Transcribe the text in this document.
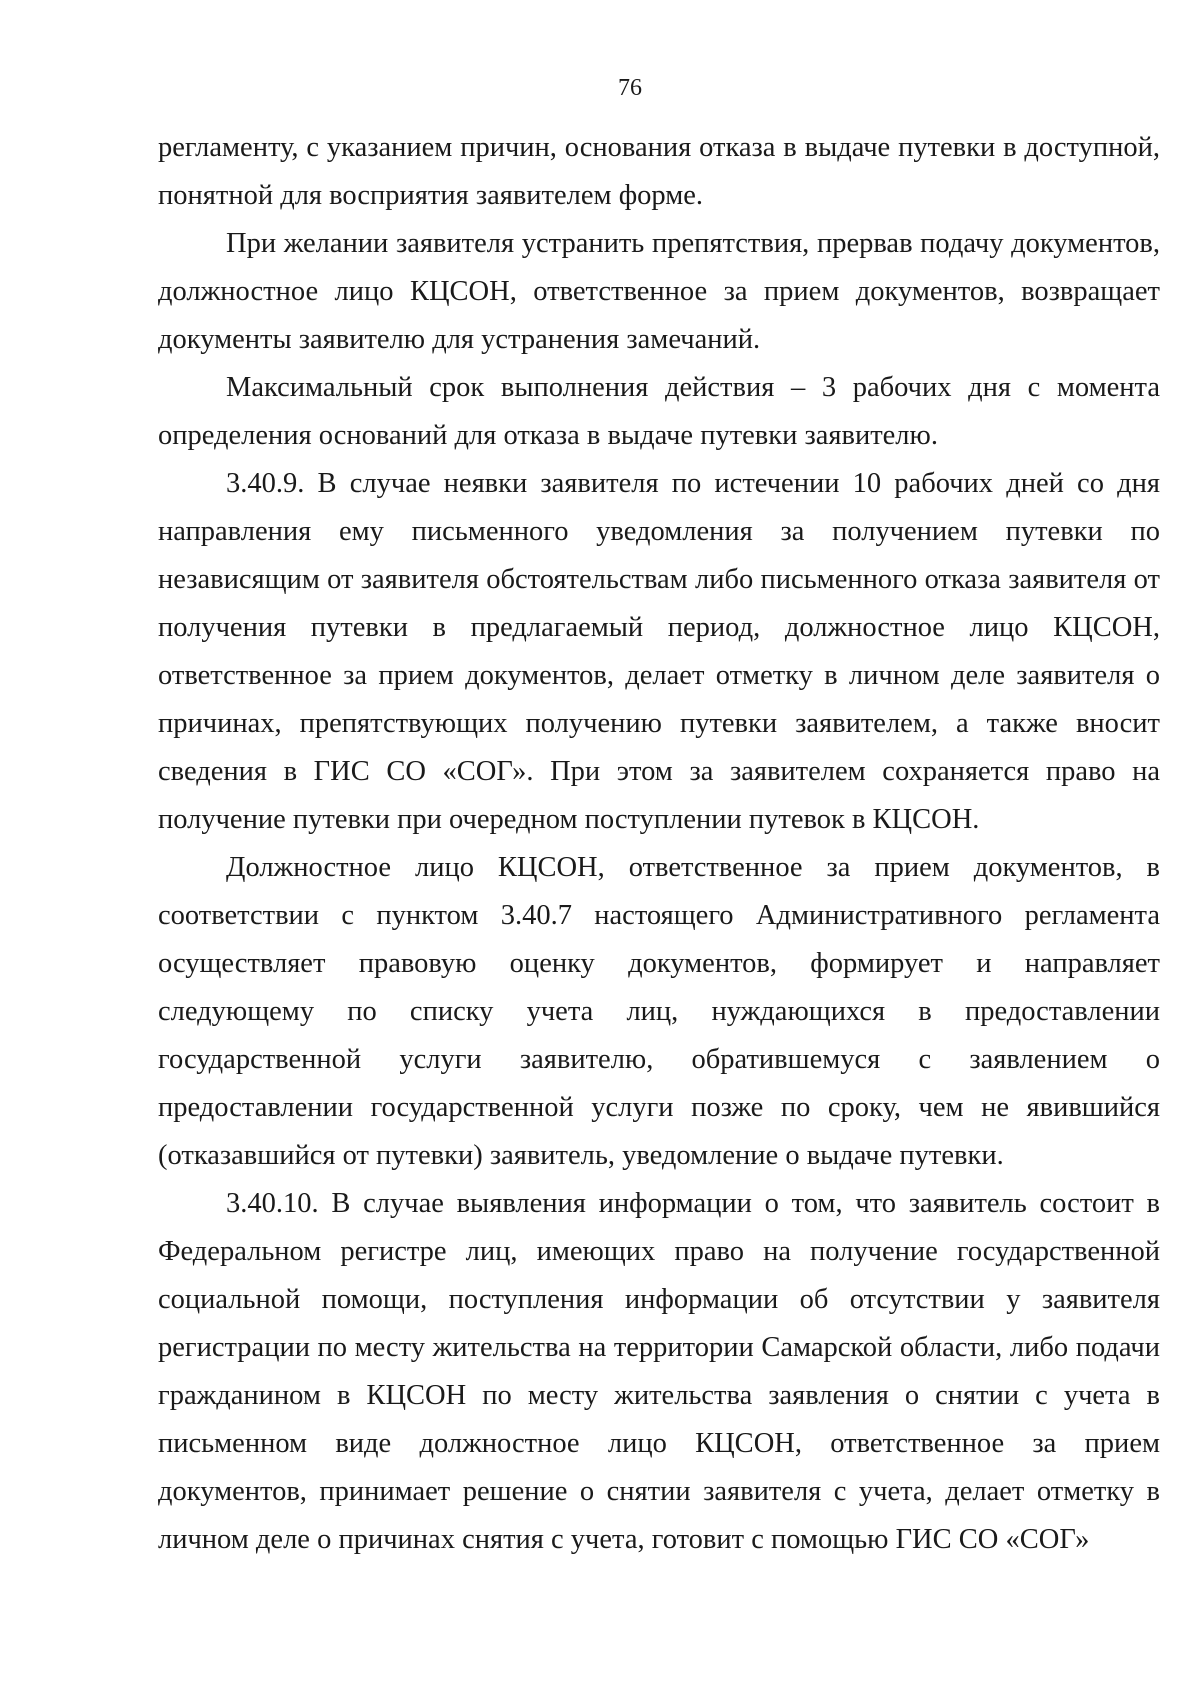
76

регламенту, с указанием причин, основания отказа в выдаче путевки в доступной, понятной для восприятия заявителем форме.

При желании заявителя устранить препятствия, прервав подачу документов, должностное лицо КЦСОН, ответственное за прием документов, возвращает документы заявителю для устранения замечаний.

Максимальный срок выполнения действия – 3 рабочих дня с момента определения оснований для отказа в выдаче путевки заявителю.

3.40.9. В случае неявки заявителя по истечении 10 рабочих дней со дня направления ему письменного уведомления за получением путевки по независящим от заявителя обстоятельствам либо письменного отказа заявителя от получения путевки в предлагаемый период, должностное лицо КЦСОН, ответственное за прием документов, делает отметку в личном деле заявителя о причинах, препятствующих получению путевки заявителем, а также вносит сведения в ГИС СО «СОГ». При этом за заявителем сохраняется право на получение путевки при очередном поступлении путевок в КЦСОН.

Должностное лицо КЦСОН, ответственное за прием документов, в соответствии с пунктом 3.40.7 настоящего Административного регламента осуществляет правовую оценку документов, формирует и направляет следующему по списку учета лиц, нуждающихся в предоставлении государственной услуги заявителю, обратившемуся с заявлением о предоставлении государственной услуги позже по сроку, чем не явившийся (отказавшийся от путевки) заявитель, уведомление о выдаче путевки.

3.40.10. В случае выявления информации о том, что заявитель состоит в Федеральном регистре лиц, имеющих право на получение государственной социальной помощи, поступления информации об отсутствии у заявителя регистрации по месту жительства на территории Самарской области, либо подачи гражданином в КЦСОН по месту жительства заявления о снятии с учета в письменном виде должностное лицо КЦСОН, ответственное за прием документов, принимает решение о снятии заявителя с учета, делает отметку в личном деле о причинах снятия с учета, готовит с помощью ГИС СО «СОГ»
